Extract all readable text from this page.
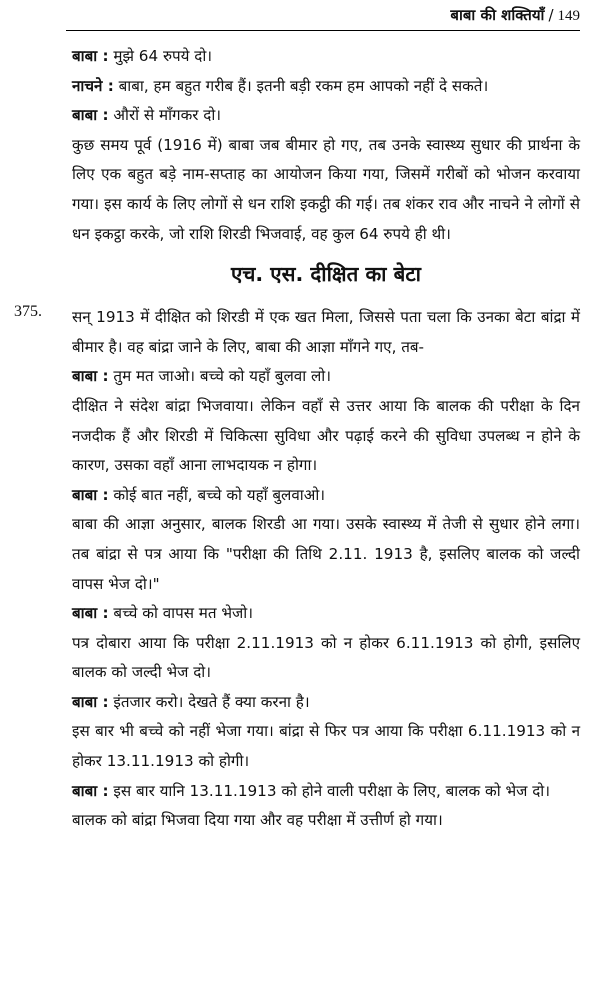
बाबा की शक्तियाँ / 149

बाबा : मुझे 64 रुपये दो।

नाचने : बाबा, हम बहुत गरीब हैं। इतनी बड़ी रकम हम आपको नहीं दे सकते।

बाबा : औरों से माँगकर दो।

कुछ समय पूर्व (1916 में) बाबा जब बीमार हो गए, तब उनके स्वास्थ्य सुधार की प्रार्थना के लिए एक बहुत बड़े नाम-सप्ताह का आयोजन किया गया, जिसमें गरीबों को भोजन करवाया गया। इस कार्य के लिए लोगों से धन राशि इकट्ठी की गई। तब शंकर राव और नाचने ने लोगों से धन इकट्ठा करके, जो राशि शिरडी भिजवाई, वह कुल 64 रुपये ही थी।

एच. एस. दीक्षित का बेटा
375. सन् 1913 में दीक्षित को शिरडी में एक खत मिला, जिससे पता चला कि उनका बेटा बांद्रा में बीमार है। वह बांद्रा जाने के लिए, बाबा की आज्ञा माँगने गए, तब-

बाबा : तुम मत जाओ। बच्चे को यहाँ बुलवा लो।

दीक्षित ने संदेश बांद्रा भिजवाया। लेकिन वहाँ से उत्तर आया कि बालक की परीक्षा के दिन नजदीक हैं और शिरडी में चिकित्सा सुविधा और पढ़ाई करने की सुविधा उपलब्ध न होने के कारण, उसका वहाँ आना लाभदायक न होगा।

बाबा : कोई बात नहीं, बच्चे को यहाँ बुलवाओ।

बाबा की आज्ञा अनुसार, बालक शिरडी आ गया। उसके स्वास्थ्य में तेजी से सुधार होने लगा। तब बांद्रा से पत्र आया कि "परीक्षा की तिथि 2.11. 1913 है, इसलिए बालक को जल्दी वापस भेज दो।"

बाबा : बच्चे को वापस मत भेजो।

पत्र दोबारा आया कि परीक्षा 2.11.1913 को न होकर 6.11.1913 को होगी, इसलिए बालक को जल्दी भेज दो।

बाबा : इंतजार करो। देखते हैं क्या करना है।

इस बार भी बच्चे को नहीं भेजा गया। बांद्रा से फिर पत्र आया कि परीक्षा 6.11.1913 को न होकर 13.11.1913 को होगी।

बाबा : इस बार यानि 13.11.1913 को होने वाली परीक्षा के लिए, बालक को भेज दो।

बालक को बांद्रा भिजवा दिया गया और वह परीक्षा में उत्तीर्ण हो गया।
